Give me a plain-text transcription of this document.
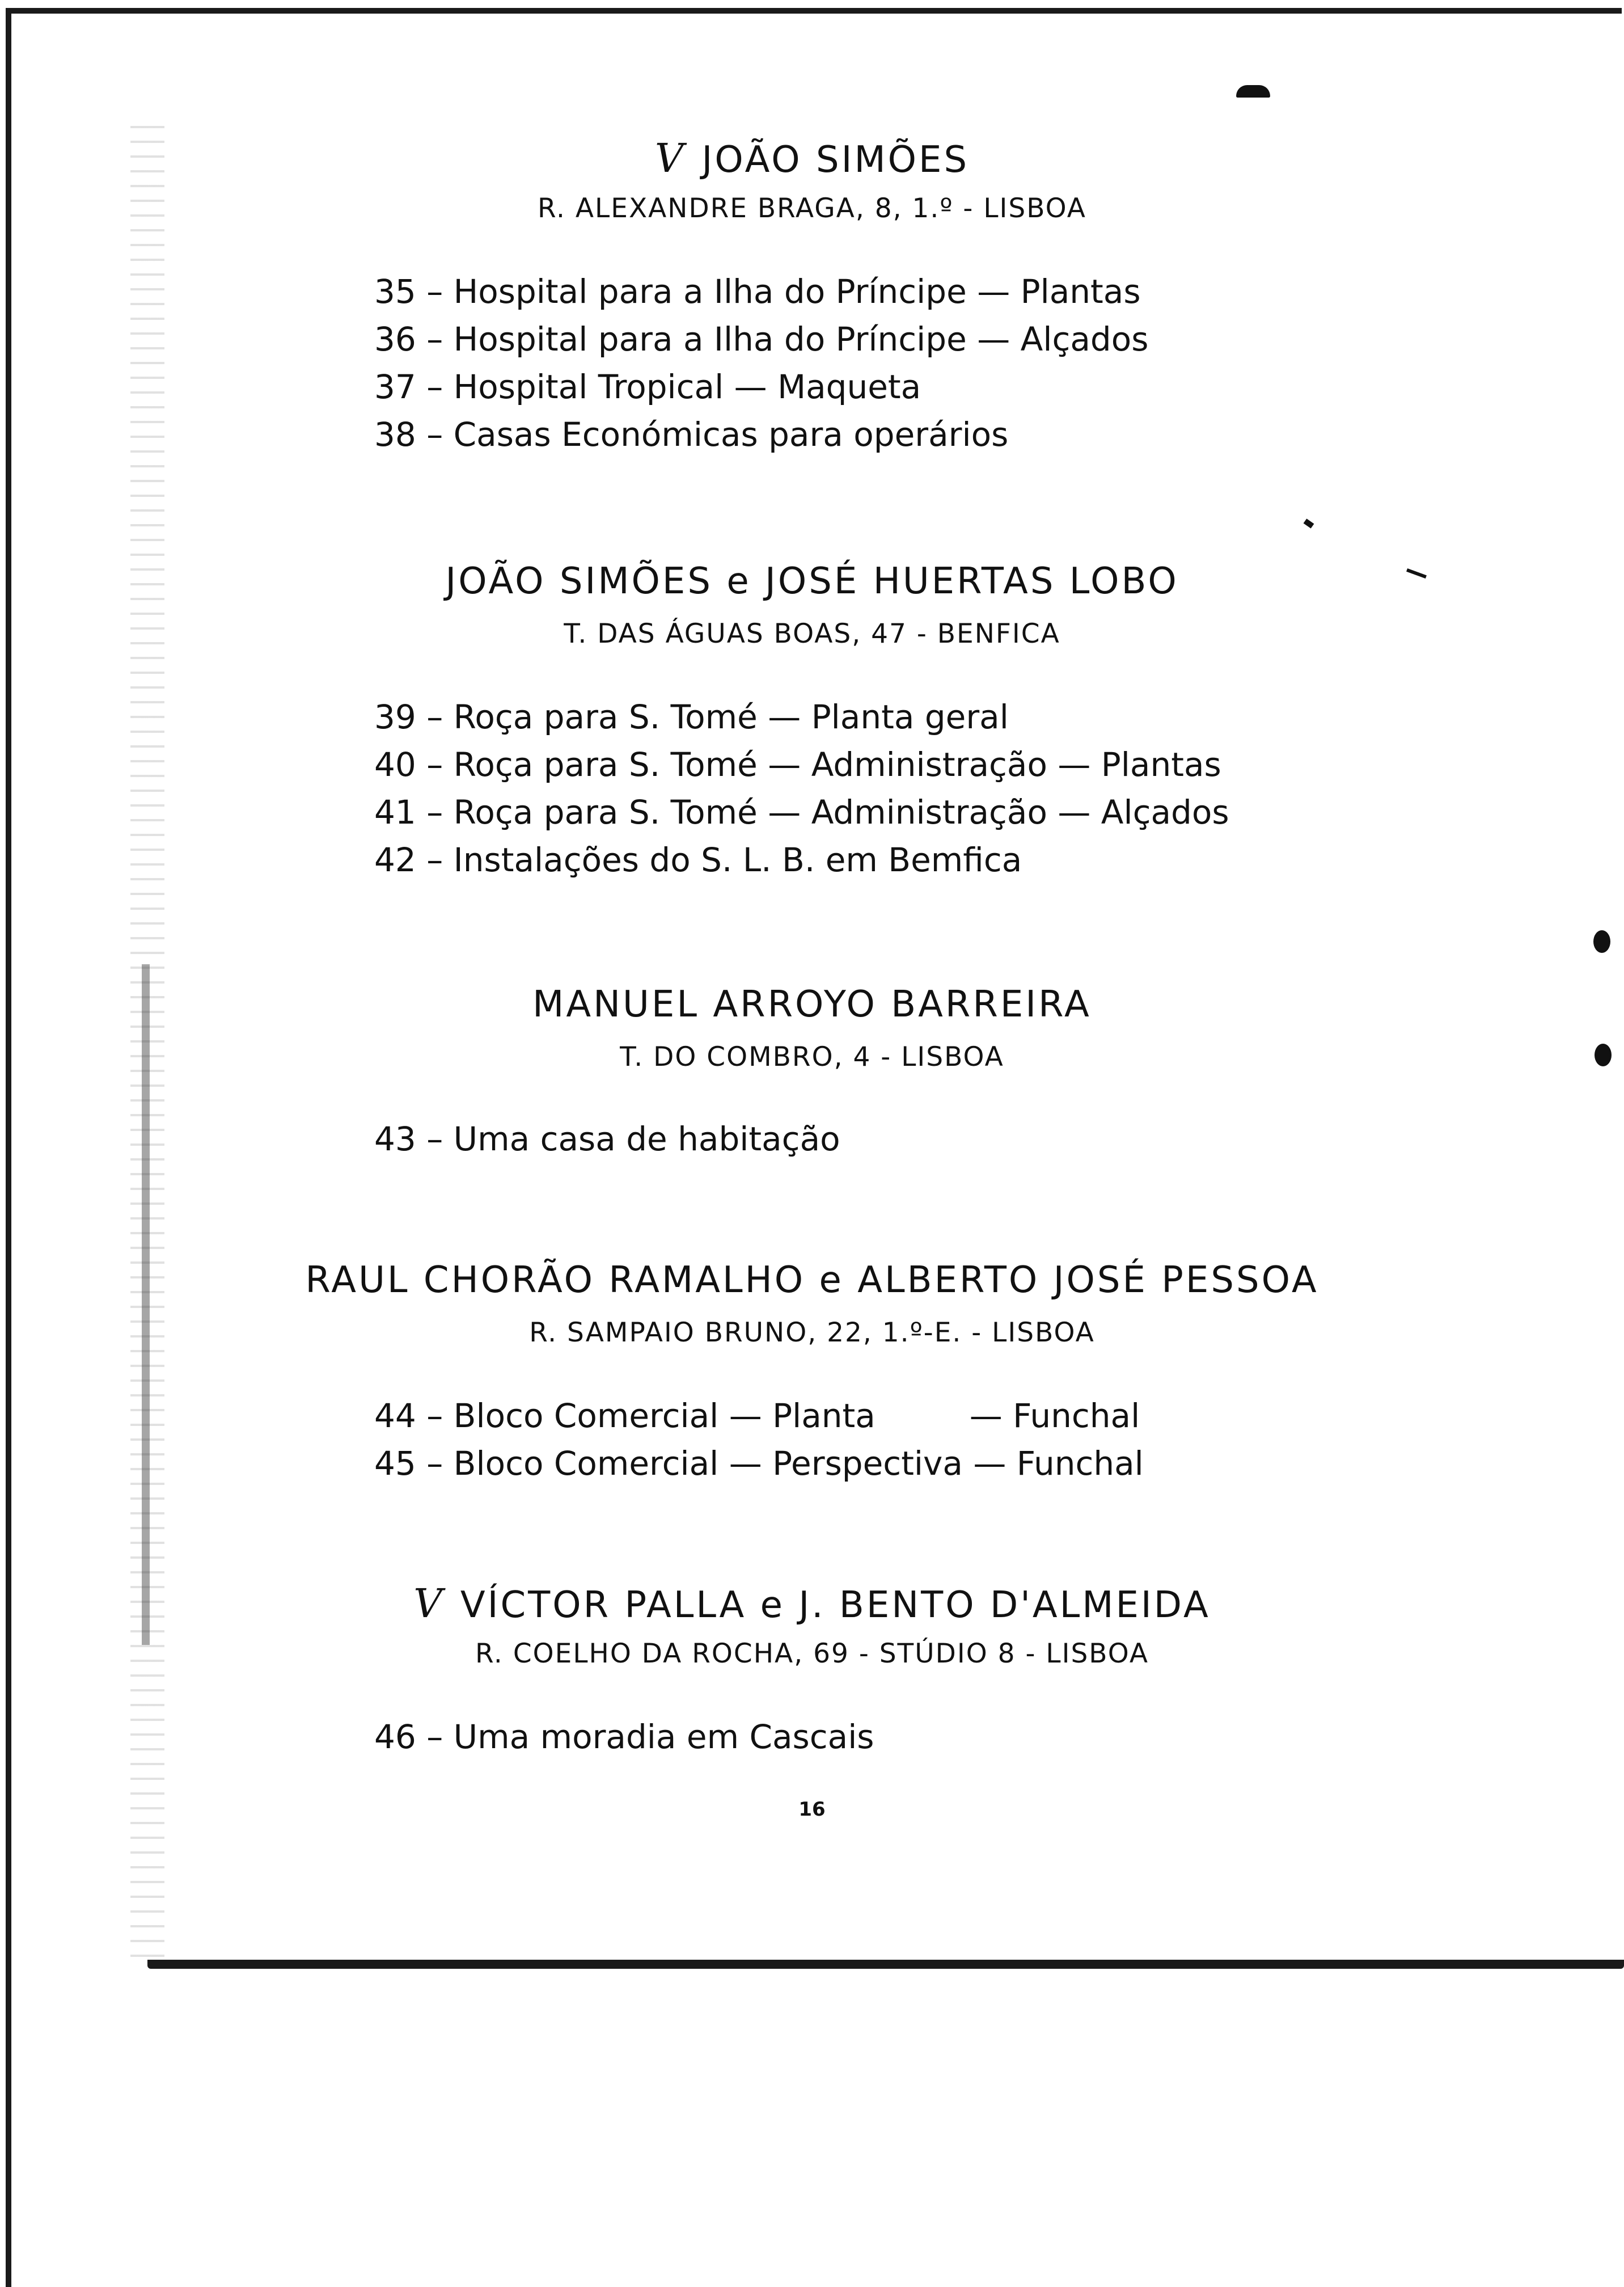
V JOÃO SIMÕES
R. ALEXANDRE BRAGA, 8, 1.º - LISBOA
35 – Hospital para a Ilha do Príncipe — Plantas
36 – Hospital para a Ilha do Príncipe — Alçados
37 – Hospital Tropical — Maqueta
38 – Casas Económicas para operários
JOÃO SIMÕES e JOSÉ HUERTAS LOBO
T. DAS ÁGUAS BOAS, 47 - BENFICA
39 – Roça para S. Tomé — Planta geral
40 – Roça para S. Tomé — Administração — Plantas
41 – Roça para S. Tomé — Administração — Alçados
42 – Instalações do S. L. B. em Bemfica
MANUEL ARROYO BARREIRA
T. DO COMBRO, 4 - LISBOA
43 – Uma casa de habitação
RAUL CHORÃO RAMALHO e ALBERTO JOSÉ PESSOA
R. SAMPAIO BRUNO, 22, 1.º-E. - LISBOA
44 – Bloco Comercial — Planta         — Funchal
45 – Bloco Comercial — Perspectiva — Funchal
V VÍCTOR PALLA e J. BENTO D'ALMEIDA
R. COELHO DA ROCHA, 69 - STÚDIO 8 - LISBOA
46 – Uma moradia em Cascais
16
